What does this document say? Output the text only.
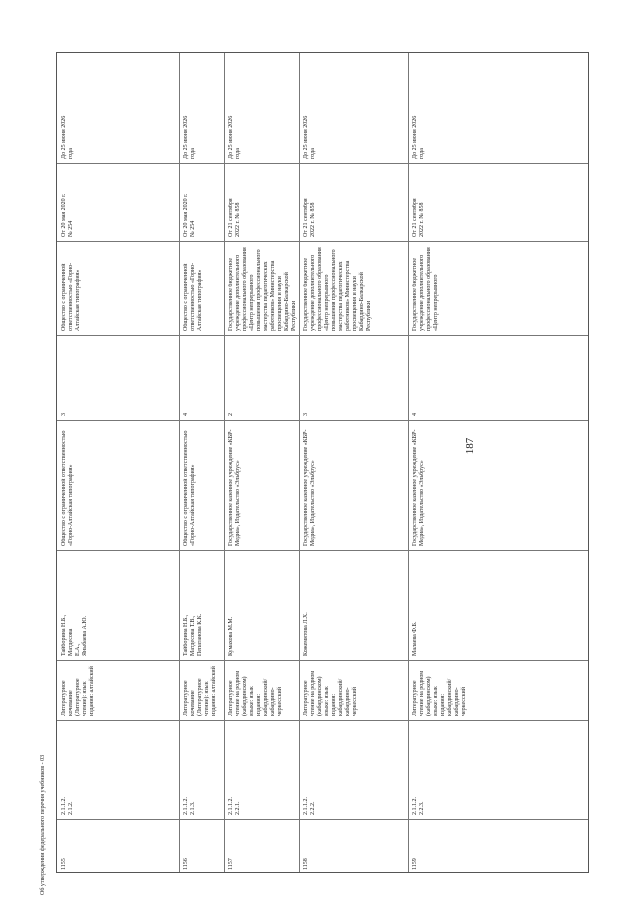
187
До 25 июня 2026
года
От 20 мая 2020 г.
№ 254
Общество с ограниченной ответственностью «Горно-Алтайская типография»
3
Общество с ограниченной ответственностью «Горно-Алтайская типография»
Тайборина Н.Б.,
Матдесова
Е.А.,
Яныбаева А.Ю.
Литературное кочевание (Литературное чтение): язык издания: алтайский
2.1.1.2.
2.1.2.
1155
До 25 июня 2026
года
От 20 мая 2020 г.
№ 254
Общество с ограниченной ответственностью «Горно-Алтайская типография»
4
Общество с ограниченной ответственностью «Горно-Алтайская типография»
Тайборина Н.Б.,
Матдесова Т.В.,
Пепатанова К.К.
Литературное кочевание (Литературное чтение): язык издания: алтайский
2.1.1.2.
2.1.3.
1156
До 25 июня 2026
года
От 21 сентября
2022 г. № 858
Государственное бюджетное учреждение дополнительного профессионального образования «Центр непрерывного повышения профессионального мастерства педагогических работников» Министерства просвещения и науки Кабардино-Балкарской Республики
2
Государственное казенное учреждение «КБР-Медиа», Издательство «Эльбрус»
Кумахова М.М.
Литературное чтение на родном (кабардинском) языке: язык издания: кабардинский/кабардино-черкесский
2.1.1.2.
2.2.1.
1157
До 25 июня 2026
года
От 21 сентября
2022 г. № 858
Государственное бюджетное учреждение дополнительного профессионального образования «Центр непрерывного повышения профессионального мастерства педагогических работников» Министерства просвещения и науки Кабардино-Балкарской Республики
3
Государственное казенное учреждение «КБР-Медиа», Издательство «Эльбрус»
Кожемятова Л.Х.
Литературное чтение на родном (кабардинском) языке: язык издания: кабардинский/кабардино-черкесский
2.1.1.2.
2.2.2.
1158
До 25 июня 2026
года
От 21 сентября
2022 г. № 858
Государственное бюджетное учреждение дополнительного профессионального образования «Центр непрерывного
4
Государственное казенное учреждение «КБР-Медиа», Издательство «Эльбрус»
Малаева Ф.Б.
Литературное чтение на родном (кабардинском) языке: язык издания: кабардинский/кабардино-черкесский
2.1.1.2.
2.2.3.
1159
Об утверждении федерального перечня учебников - 03
